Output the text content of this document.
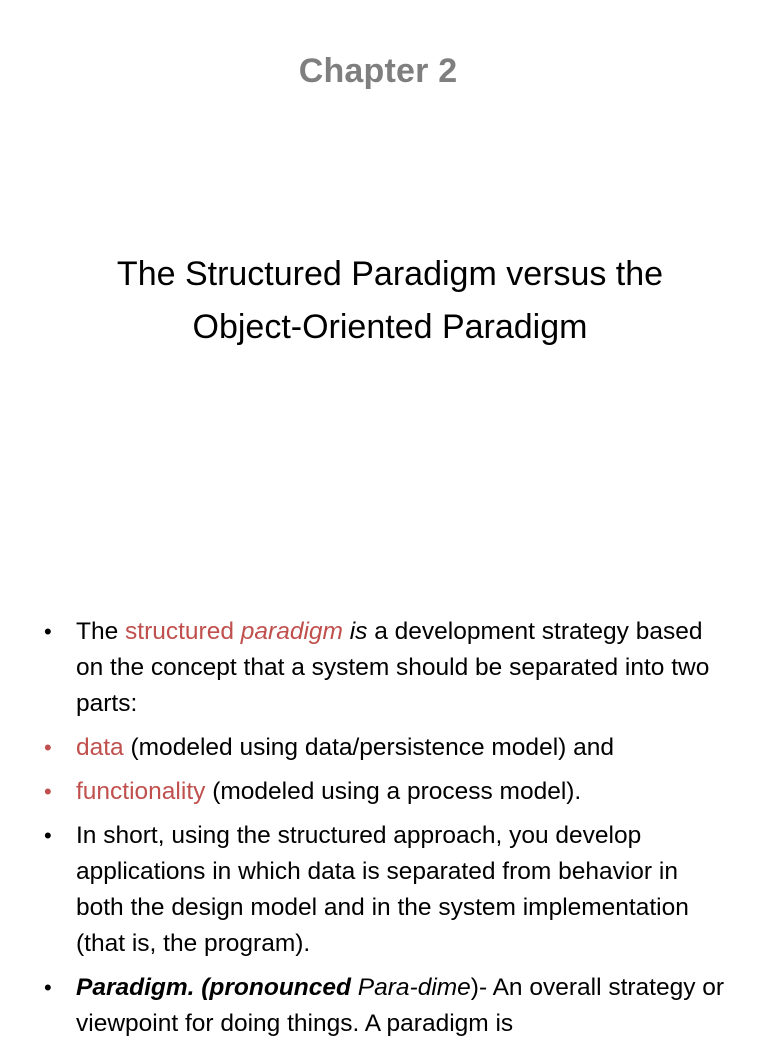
Chapter 2
The Structured Paradigm versus the
Object-Oriented Paradigm
• The structured paradigm is a development strategy based on the concept that a system should be separated into two parts:
• data (modeled using data/persistence model) and
• functionality (modeled using a process model).
• In short, using the structured approach, you develop applications in which data is separated from behavior in both the design model and in the system implementation (that is, the program).
• Paradigm. (pronounced Para-dime)- An overall strategy or viewpoint for doing things. A paradigm is
